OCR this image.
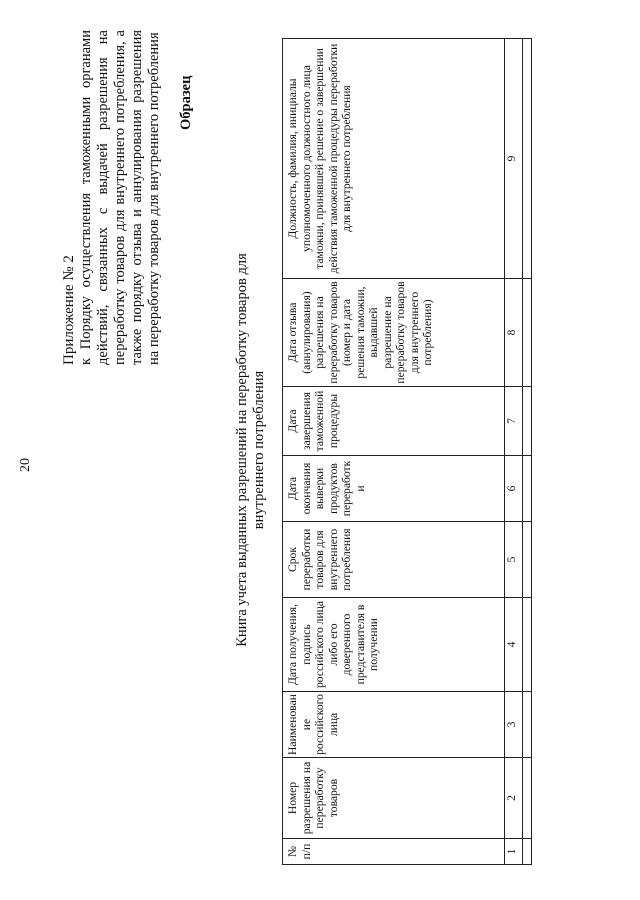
20
Приложение № 2 к Порядку осуществления таможенными органами действий, связанных с выдачей разрешения на переработку товаров для внутреннего потребления, а также порядку отзыва и аннулирования разрешения на переработку товаров для внутреннего потребления Образец
Книга учета выданных разрешений на переработку товаров для внутреннего потребления
№ п/п	Номер разрешения на переработку товаров	Наименование российского лица	Дата получения, подпись российского лица либо его доверенного представителя в получении	Срок переработки товаров для внутреннего потребления	Дата окончания выверки продуктов переработки	Дата завершения таможенной процедуры	Дата отзыва (аннулирования) разрешения на переработку товаров (номер и дата решения таможни, выдавшей разрешение на переработку товаров для внутреннего потребления)	Должность, фамилия, инициалы уполномоченного должностного лица таможни, принявшей решение о завершении действия таможенной процедуры переработки для внутреннего потребления
1	2	3	4	5	6	7	8	9
